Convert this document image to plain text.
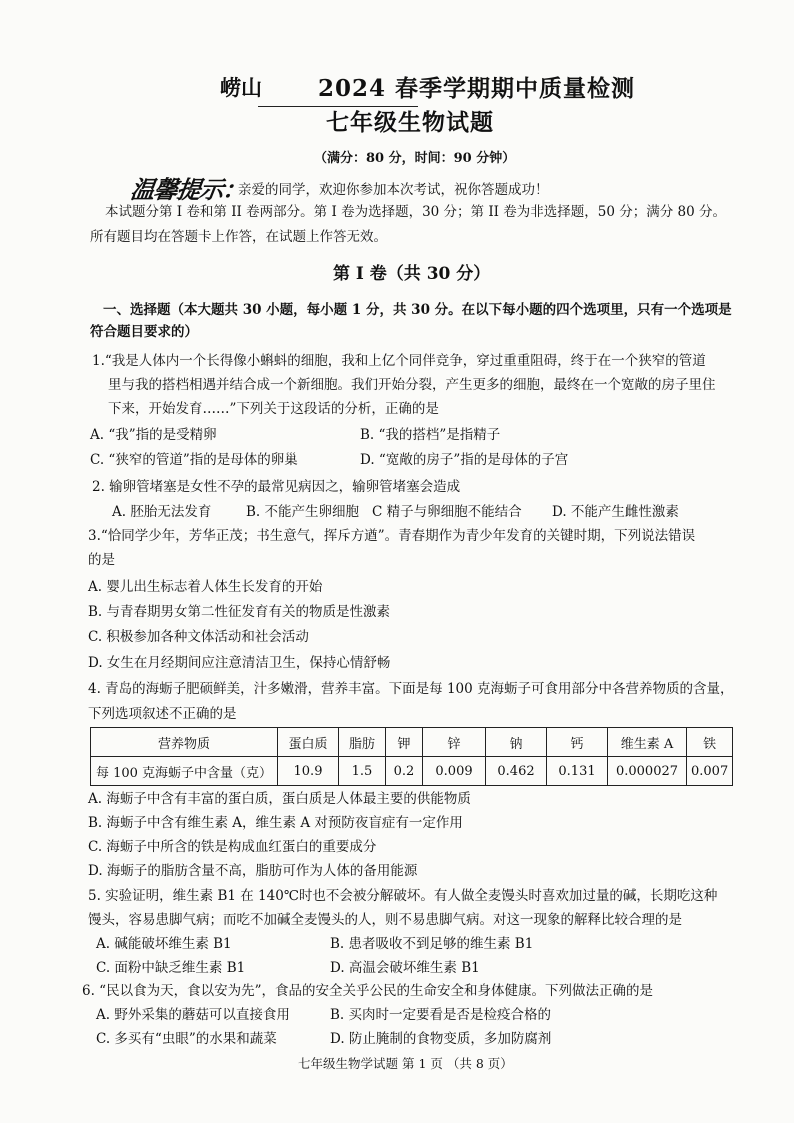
崂山 2024 春季学期期中质量检测
七年级生物试题
（满分：80 分，时间：90 分钟）
温馨提示：
亲爱的同学，欢迎你参加本次考试，祝你答题成功！
本试题分第 I 卷和第 II 卷两部分。第 I 卷为选择题，30 分；第 II 卷为非选择题，50 分；满分 80 分。
所有题目均在答题卡上作答，在试题上作答无效。
第 I 卷（共 30 分）
一、选择题（本大题共 30 小题，每小题 1 分，共 30 分。在以下每小题的四个选项里，只有一个选项是
符合题目要求的）
1.“我是人体内一个长得像小蝌蚪的细胞，我和上亿个同伴竞争，穿过重重阻碍，终于在一个狭窄的管道
里与我的搭档相遇并结合成一个新细胞。我们开始分裂，产生更多的细胞，最终在一个宽敞的房子里住
下来，开始发育……”下列关于这段话的分析，正确的是
A. “我”指的是受精卵	B. “我的搭档”是指精子
C. “狭窄的管道”指的是母体的卵巢	D. “宽敞的房子”指的是母体的子宫
2. 输卵管堵塞是女性不孕的最常见病因之，输卵管堵塞会造成
A. 胚胎无法发育	B. 不能产生卵细胞 C 精子与卵细胞不能结合 D. 不能产生雌性激素
3.“恰同学少年，芳华正茂；书生意气，挥斥方遒”。青春期作为青少年发育的关键时期，下列说法错误
的是
A. 婴儿出生标志着人体生长发育的开始
B. 与青春期男女第二性征发育有关的物质是性激素
C. 积极参加各种文体活动和社会活动
D. 女生在月经期间应注意清洁卫生，保持心情舒畅
4. 青岛的海蛎子肥硕鲜美，汁多嫩滑，营养丰富。下面是每 100 克海蛎子可食用部分中各营养物质的含量，
下列选项叙述不正确的是
营养物质	蛋白质	脂肪	钾	锌	钠	钙	维生素 A	铁
每 100 克海蛎子中含量（克）	10.9	1.5	0.2	0.009	0.462	0.131	0.000027	0.007
A. 海蛎子中含有丰富的蛋白质，蛋白质是人体最主要的供能物质
B. 海蛎子中含有维生素 A，维生素 A 对预防夜盲症有一定作用
C. 海蛎子中所含的铁是构成血红蛋白的重要成分
D. 海蛎子的脂肪含量不高，脂肪可作为人体的备用能源
5. 实验证明，维生素 B1 在 140℃时也不会被分解破坏。有人做全麦馒头时喜欢加过量的碱，长期吃这种
馒头，容易患脚气病；而吃不加碱全麦馒头的人，则不易患脚气病。对这一现象的解释比较合理的是
A. 碱能破坏维生素 B1	B. 患者吸收不到足够的维生素 B1
C. 面粉中缺乏维生素 B1	D. 高温会破坏维生素 B1
6. “民以食为天，食以安为先”，食品的安全关乎公民的生命安全和身体健康。下列做法正确的是
A. 野外采集的蘑菇可以直接食用	B. 买肉时一定要看是否是检疫合格的
C. 多买有“虫眼”的水果和蔬菜	D. 防止腌制的食物变质，多加防腐剂
七年级生物学试题 第 1 页 （共 8 页）
